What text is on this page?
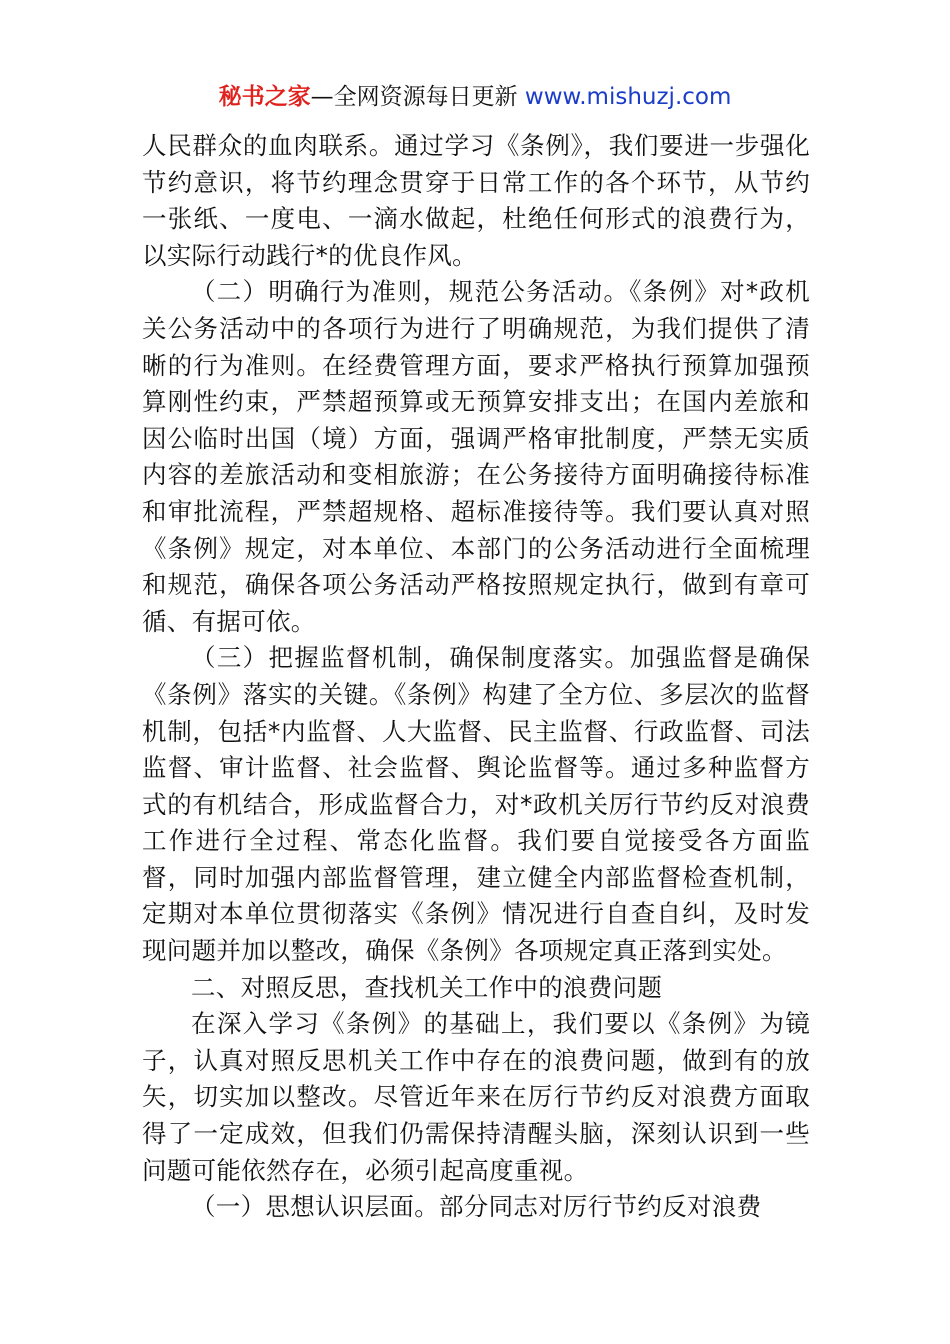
秘书之家—全网资源每日更新 www.mishuzj.com

人民群众的血肉联系。通过学习《条例》，我们要进一步强化节约意识，将节约理念贯穿于日常工作的各个环节，从节约一张纸、一度电、一滴水做起，杜绝任何形式的浪费行为，以实际行动践行*的优良作风。

（二）明确行为准则，规范公务活动。《条例》对*政机关公务活动中的各项行为进行了明确规范，为我们提供了清晰的行为准则。在经费管理方面，要求严格执行预算加强预算刚性约束，严禁超预算或无预算安排支出；在国内差旅和因公临时出国（境）方面，强调严格审批制度，严禁无实质内容的差旅活动和变相旅游；在公务接待方面明确接待标准和审批流程，严禁超规格、超标准接待等。我们要认真对照《条例》规定，对本单位、本部门的公务活动进行全面梳理和规范，确保各项公务活动严格按照规定执行，做到有章可循、有据可依。

（三）把握监督机制，确保制度落实。加强监督是确保《条例》落实的关键。《条例》构建了全方位、多层次的监督机制，包括*内监督、人大监督、民主监督、行政监督、司法监督、审计监督、社会监督、舆论监督等。通过多种监督方式的有机结合，形成监督合力，对*政机关厉行节约反对浪费工作进行全过程、常态化监督。我们要自觉接受各方面监督，同时加强内部监督管理，建立健全内部监督检查机制，定期对本单位贯彻落实《条例》情况进行自查自纠，及时发现问题并加以整改，确保《条例》各项规定真正落到实处。

二、对照反思，查找机关工作中的浪费问题

在深入学习《条例》的基础上，我们要以《条例》为镜子，认真对照反思机关工作中存在的浪费问题，做到有的放矢，切实加以整改。尽管近年来在厉行节约反对浪费方面取得了一定成效，但我们仍需保持清醒头脑，深刻认识到一些问题可能依然存在，必须引起高度重视。

（一）思想认识层面。部分同志对厉行节约反对浪费
